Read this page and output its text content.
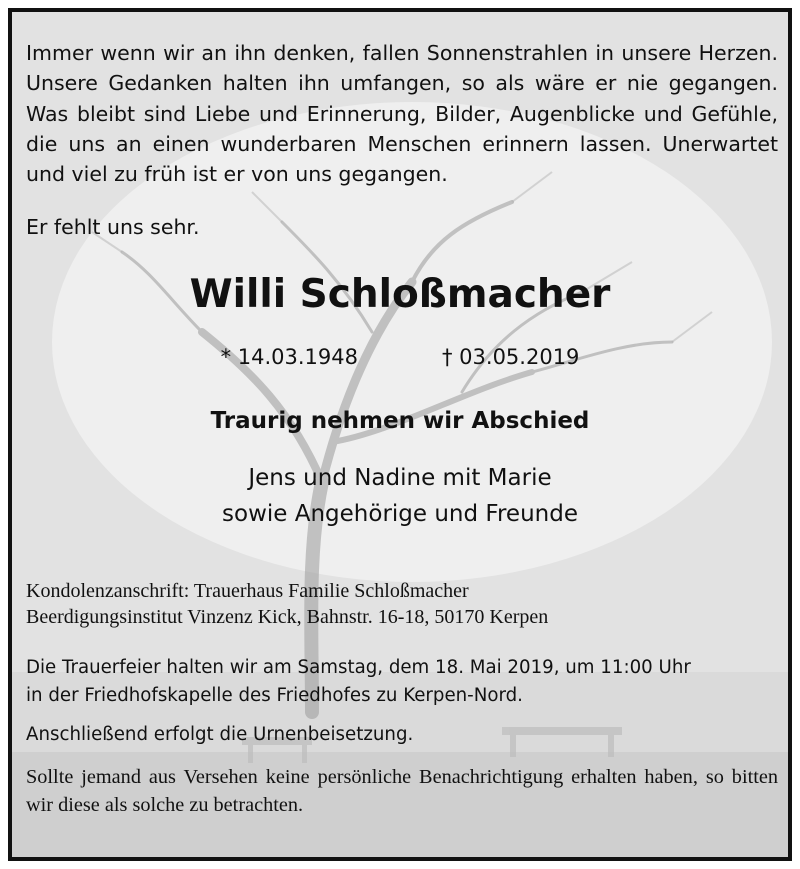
Immer wenn wir an ihn denken, fallen Sonnenstrahlen in unsere Herzen. Unsere Gedanken halten ihn umfangen, so als wäre er nie gegangen. Was bleibt sind Liebe und Erinnerung, Bilder, Augenblicke und Gefühle, die uns an einen wunderbaren Menschen erinnern lassen. Unerwartet und viel zu früh ist er von uns gegangen.

Er fehlt uns sehr.

Willi Schloßmacher

* 14.03.1948	† 03.05.2019

Traurig nehmen wir Abschied
Jens und Nadine mit Marie
sowie Angehörige und Freunde
Kondolenzanschrift: Trauerhaus Familie Schloßmacher
Beerdigungsinstitut Vinzenz Kick, Bahnstr. 16-18, 50170 Kerpen
Die Trauerfeier halten wir am Samstag, dem 18. Mai 2019, um 11:00 Uhr
in der Friedhofskapelle des Friedhofes zu Kerpen-Nord.

Anschließend erfolgt die Urnenbeisetzung.

Sollte jemand aus Versehen keine persönliche Benachrichtigung erhalten haben, so bitten wir diese als solche zu betrachten.
